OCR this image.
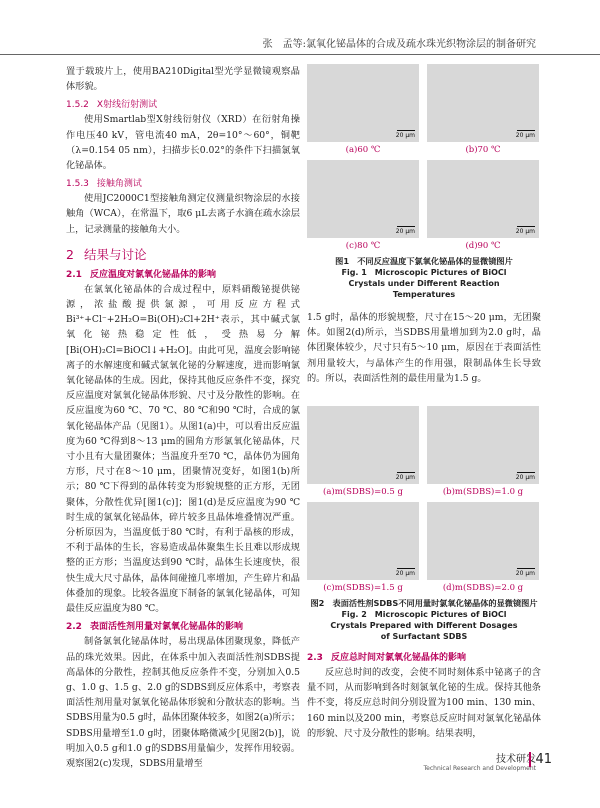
张　孟等:氯氧化铋晶体的合成及疏水珠光织物涂层的制备研究

置于载玻片上，使用BA210Digital型光学显微镜观察晶体形貌。

1.5.2 X射线衍射测试

使用Smartlab型X射线衍射仪（XRD）在衍射角操作电压40 kV，管电流40 mA，2θ=10°～60°，铜靶（λ=0.154 05 nm），扫描步长0.02°的条件下扫描氯氧化铋晶体。

1.5.3 接触角测试

使用JC2000C1型接触角测定仪测量织物涂层的水接触角（WCA），在常温下，取6 μL去离子水滴在疏水涂层上，记录测量的接触角大小。

2 结果与讨论
2.1 反应温度对氯氧化铋晶体的影响

在氯氧化铋晶体的合成过程中，原料硝酸铋提供铋源，浓盐酸提供氯源，可用反应方程式Bi³⁺+Cl⁻+2H₂O=Bi(OH)₂Cl+2H⁺表示，其中碱式氯氧化铋热稳定性低，受热易分解[Bi(OH)₂Cl=BiOCl↓+H₂O]。由此可见，温度会影响铋离子的水解速度和碱式氯氧化铋的分解速度，进而影响氯氧化铋晶体的生成。因此，保持其他反应条件不变，探究反应温度对氯氧化铋晶体形貌、尺寸及分散性的影响。在反应温度为60 ℃、70 ℃、80 ℃和90 ℃时，合成的氯氧化铋晶体产品（见图1）。从图1(a)中，可以看出反应温度为60 ℃得到8～13 μm的圆角方形氯氧化铋晶体，尺寸小且有大量团聚体；当温度升至70 ℃，晶体仍为圆角方形，尺寸在8～10 μm，团聚情况变好，如图1(b)所示；80 ℃下得到的晶体转变为形貌规整的正方形，无团聚体，分散性优异[图1(c)]；图1(d)是反应温度为90 ℃时生成的氯氧化铋晶体，碎片较多且晶体堆叠情况严重。分析原因为，当温度低于80 ℃时，有利于晶核的形成，不利于晶体的生长，容易造成晶体聚集生长且难以形成规整的正方形；当温度达到90 ℃时，晶体生长速度快，很快生成大尺寸晶体，晶体间碰撞几率增加，产生碎片和晶体叠加的现象。比较各温度下制备的氯氧化铋晶体，可知最佳反应温度为80 ℃。

2.2 表面活性剂用量对氯氧化铋晶体的影响

制备氯氧化铋晶体时，易出现晶体团聚现象，降低产品的珠光效果。因此，在体系中加入表面活性剂SDBS提高晶体的分散性，控制其他反应条件不变，分别加入0.5 g、1.0 g、1.5 g、2.0 g的SDBS到反应体系中，考察表面活性剂用量对氯氧化铋晶体形貌和分散状态的影响。当SDBS用量为0.5 g时，晶体团聚体较多，如图2(a)所示；SDBS用量增至1.0 g时，团聚体略微减少[见图2(b)]，说明加入0.5 g和1.0 g的SDBS用量偏少，发挥作用较弱。观察图2(c)发现，SDBS用量增至

20 μm
(a)60 ℃
20 μm
(b)70 ℃
20 μm
(c)80 ℃
20 μm
(d)90 ℃
图1　不同反应温度下氯氧化铋晶体的显微镜图片
Fig. 1　Microscopic Pictures of BiOCl Crystals under Different Reaction Temperatures

1.5 g时，晶体的形貌规整，尺寸在15～20 μm，无团聚体。如图2(d)所示，当SDBS用量增加到为2.0 g时，晶体团聚体较少，尺寸只有5～10 μm，原因在于表面活性剂用量较大，与晶体产生的作用强，限制晶体生长导致的。所以，表面活性剂的最佳用量为1.5 g。

20 μm
(a)m(SDBS)=0.5 g
20 μm
(b)m(SDBS)=1.0 g
20 μm
(c)m(SDBS)=1.5 g
20 μm
(d)m(SDBS)=2.0 g
图2　表面活性剂SDBS不同用量时氯氧化铋晶体的显微镜图片
Fig. 2　Microscopic Pictures of BiOCl Crystals Prepared with Different Dosages of Surfactant SDBS
2.3 反应总时间对氯氧化铋晶体的影响

反应总时间的改变，会使不同时刻体系中铋离子的含量不同，从而影响到各时刻氯氧化铋的生成。保持其他条件不变，将反应总时间分别设置为100 min、130 min、160 min以及200 min，考察总反应时间对氯氧化铋晶体的形貌、尺寸及分散性的影响。结果表明，

技术研发
Technical Research and Development
41
